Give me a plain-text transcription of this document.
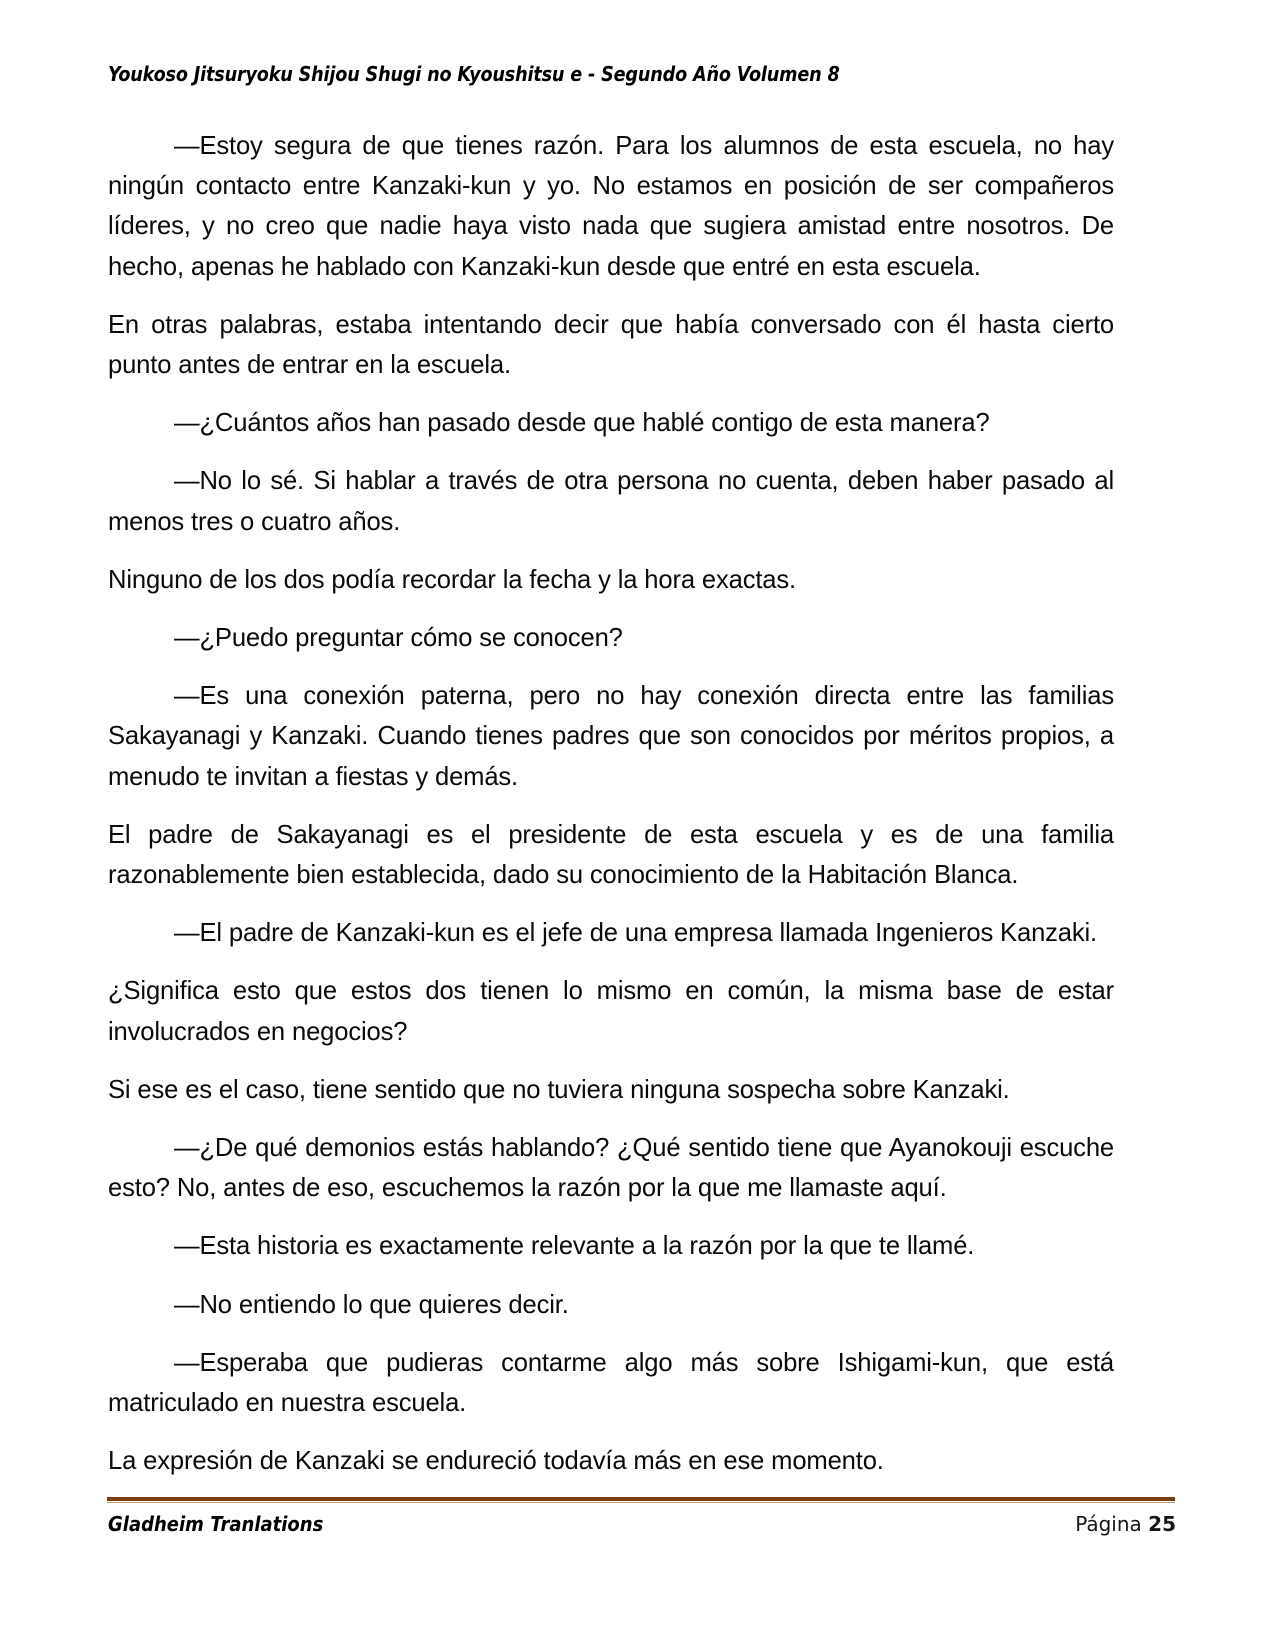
Youkoso Jitsuryoku Shijou Shugi no Kyoushitsu e - Segundo Año Volumen 8

—Estoy segura de que tienes razón. Para los alumnos de esta escuela, no hay ningún contacto entre Kanzaki-kun y yo. No estamos en posición de ser compañeros líderes, y no creo que nadie haya visto nada que sugiera amistad entre nosotros. De hecho, apenas he hablado con Kanzaki-kun desde que entré en esta escuela.

En otras palabras, estaba intentando decir que había conversado con él hasta cierto punto antes de entrar en la escuela.

—¿Cuántos años han pasado desde que hablé contigo de esta manera?

—No lo sé. Si hablar a través de otra persona no cuenta, deben haber pasado al menos tres o cuatro años.

Ninguno de los dos podía recordar la fecha y la hora exactas.

—¿Puedo preguntar cómo se conocen?

—Es una conexión paterna, pero no hay conexión directa entre las familias Sakayanagi y Kanzaki. Cuando tienes padres que son conocidos por méritos propios, a menudo te invitan a fiestas y demás.

El padre de Sakayanagi es el presidente de esta escuela y es de una familia razonablemente bien establecida, dado su conocimiento de la Habitación Blanca.

—El padre de Kanzaki-kun es el jefe de una empresa llamada Ingenieros Kanzaki.

¿Significa esto que estos dos tienen lo mismo en común, la misma base de estar involucrados en negocios?

Si ese es el caso, tiene sentido que no tuviera ninguna sospecha sobre Kanzaki.

—¿De qué demonios estás hablando? ¿Qué sentido tiene que Ayanokouji escuche esto? No, antes de eso, escuchemos la razón por la que me llamaste aquí.

—Esta historia es exactamente relevante a la razón por la que te llamé.

—No entiendo lo que quieres decir.

—Esperaba que pudieras contarme algo más sobre Ishigami-kun, que está matriculado en nuestra escuela.

La expresión de Kanzaki se endureció todavía más en ese momento.

Gladheim Tranlations	Página 25
